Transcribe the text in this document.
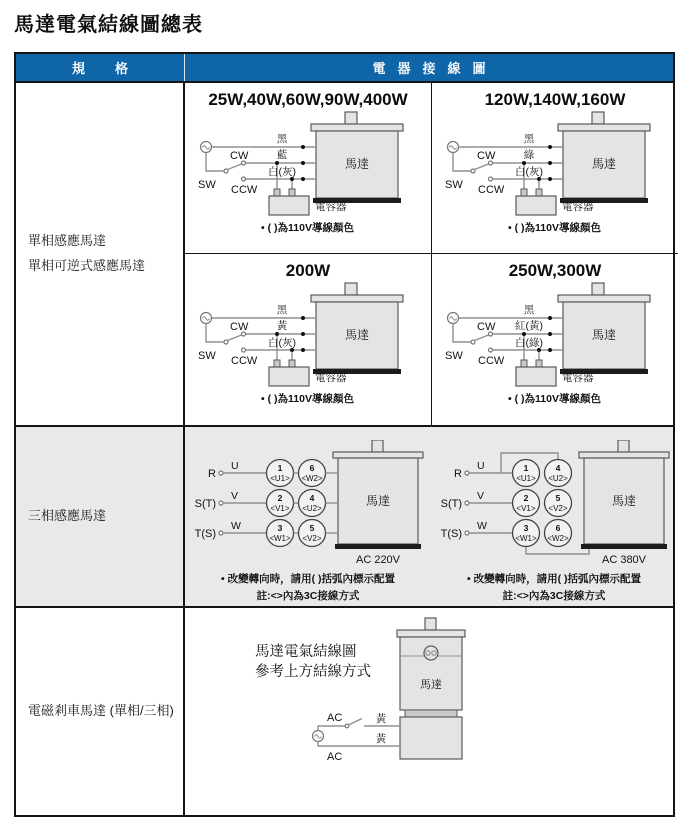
馬達電氣結線圖總表
規格	電器接線圖
單相感應馬達
單相可逆式感應馬達
25W,40W,60W,90W,400W
馬達
黑
藍
白(灰)
CW
SW CCW
電容器
• ( )為110V導線顏色
120W,140W,160W
馬達
黑
綠
白(灰)
CW
SW CCW
電容器
• ( )為110V導線顏色
200W
馬達
黑
黃
白(灰)
CW
SW CCW
電容器
• ( )為110V導線顏色
250W,300W
馬達
黑
紅(黃)
白(綠)
CW
SW CCW
電容器
• ( )為110V導線顏色
三相感應馬達
馬達
R
U	1
<U1>
6
<W2>
S(T)
V	2
<V1>
4
<U2>
T(S)
W	3
<W1>
5
<V2>
AC 220V
• 改變轉向時，請用( )括弧內標示配置
註:<>內為3C接線方式
馬達
R
U	1
<U1>
4
<U2>
S(T)
V	2
<V1>
5
<V2>
T(S)
W	3
<W1>
6
<W2>
AC 380V
• 改變轉向時，請用( )括弧內標示配置
註:<>內為3C接線方式
電磁剎車馬達 (單相/三相)
馬達電氣結線圖
參考上方結線方式
馬達
AC
AC
黃
黃
